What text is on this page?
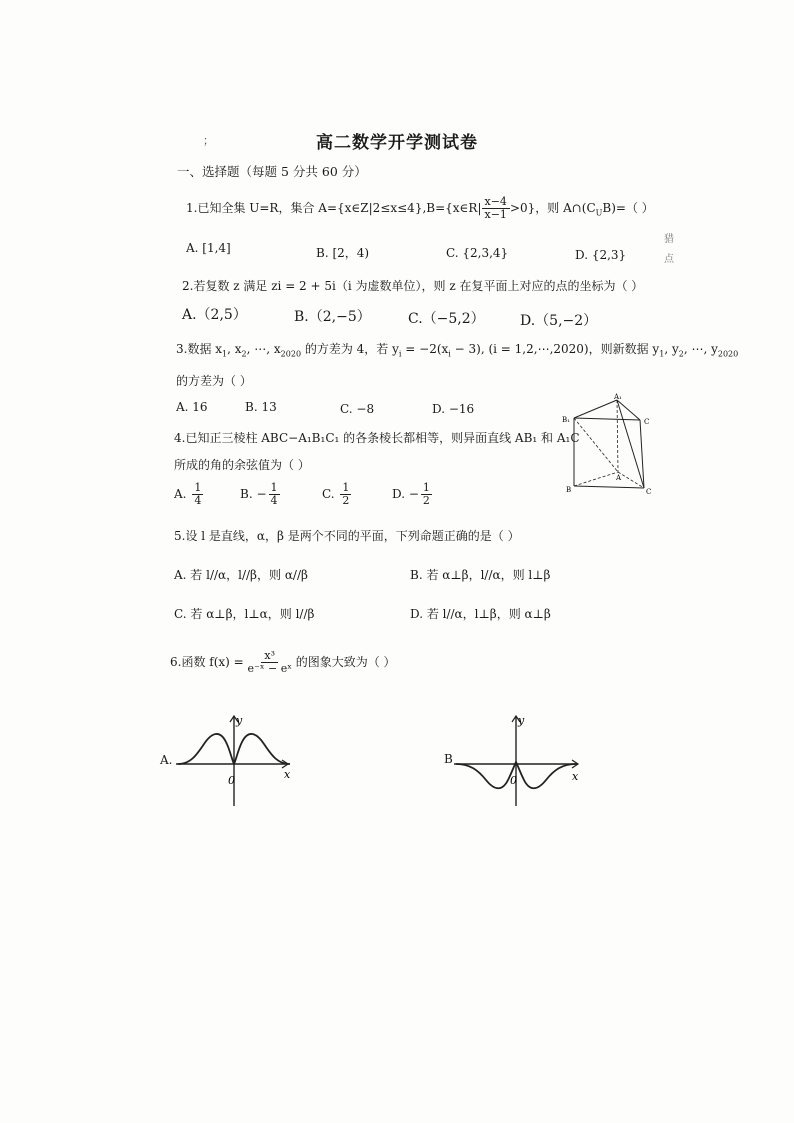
；	高二数学开学测试卷
一、选择题（每题 5 分共 60 分）
猎
点
1.已知全集 U=R，集合 A={x∈Z|2≤x≤4},B={x∈R| $\frac{x-4}{x-1} >0$}，则 $A\cap(C_UB)=$（ ）
A. [1,4]	B. [2，4)	C. {2,3,4}	D. {2,3}
2.若复数 z 满足 zi = 2 + 5i（i 为虚数单位），则 z 在复平面上对应的点的坐标为（ ）
A.（2,5）	B.（2,−5）	C.（−5,2）	D.（5,−2）
3.数据 $x_1$, $x_2$, ⋯, $x_{2020}$ 的方差为 4，若 $y_i = -2(x_i - 3)$, (i = 1,2,⋯,2020)，则新数据 $y_1$, $y_2$, ⋯, $y_{2020}$
的方差为（ ）
A. 16	B. 13	C. −8	D. −16
4.已知正三棱柱 ABC−A₁B₁C₁ 的各条棱长都相等，则异面直线 AB₁ 和 A₁C
所成的角的余弦值为（ ）
A. $\frac{1}{4}$	B. − $\frac{1}{4}$	C. $\frac{1}{2}$	D. − $\frac{1}{2}$
A₁
B₁	C
A
B	C
5.设 l 是直线，α，β 是两个不同的平面，下列命题正确的是（ ）
A. 若 l//α，l//β，则 α//β	B. 若 α⊥β，l//α，则 l⊥β
C. 若 α⊥β，l⊥α，则 l//β	D. 若 l//α，l⊥β，则 α⊥β
6.函数 $f(x) = \frac{\text{x³}}{\text{e⁻ˣ − eˣ}}$ 的图象大致为（ ）
A.
y
x
0
B
y
x
0
